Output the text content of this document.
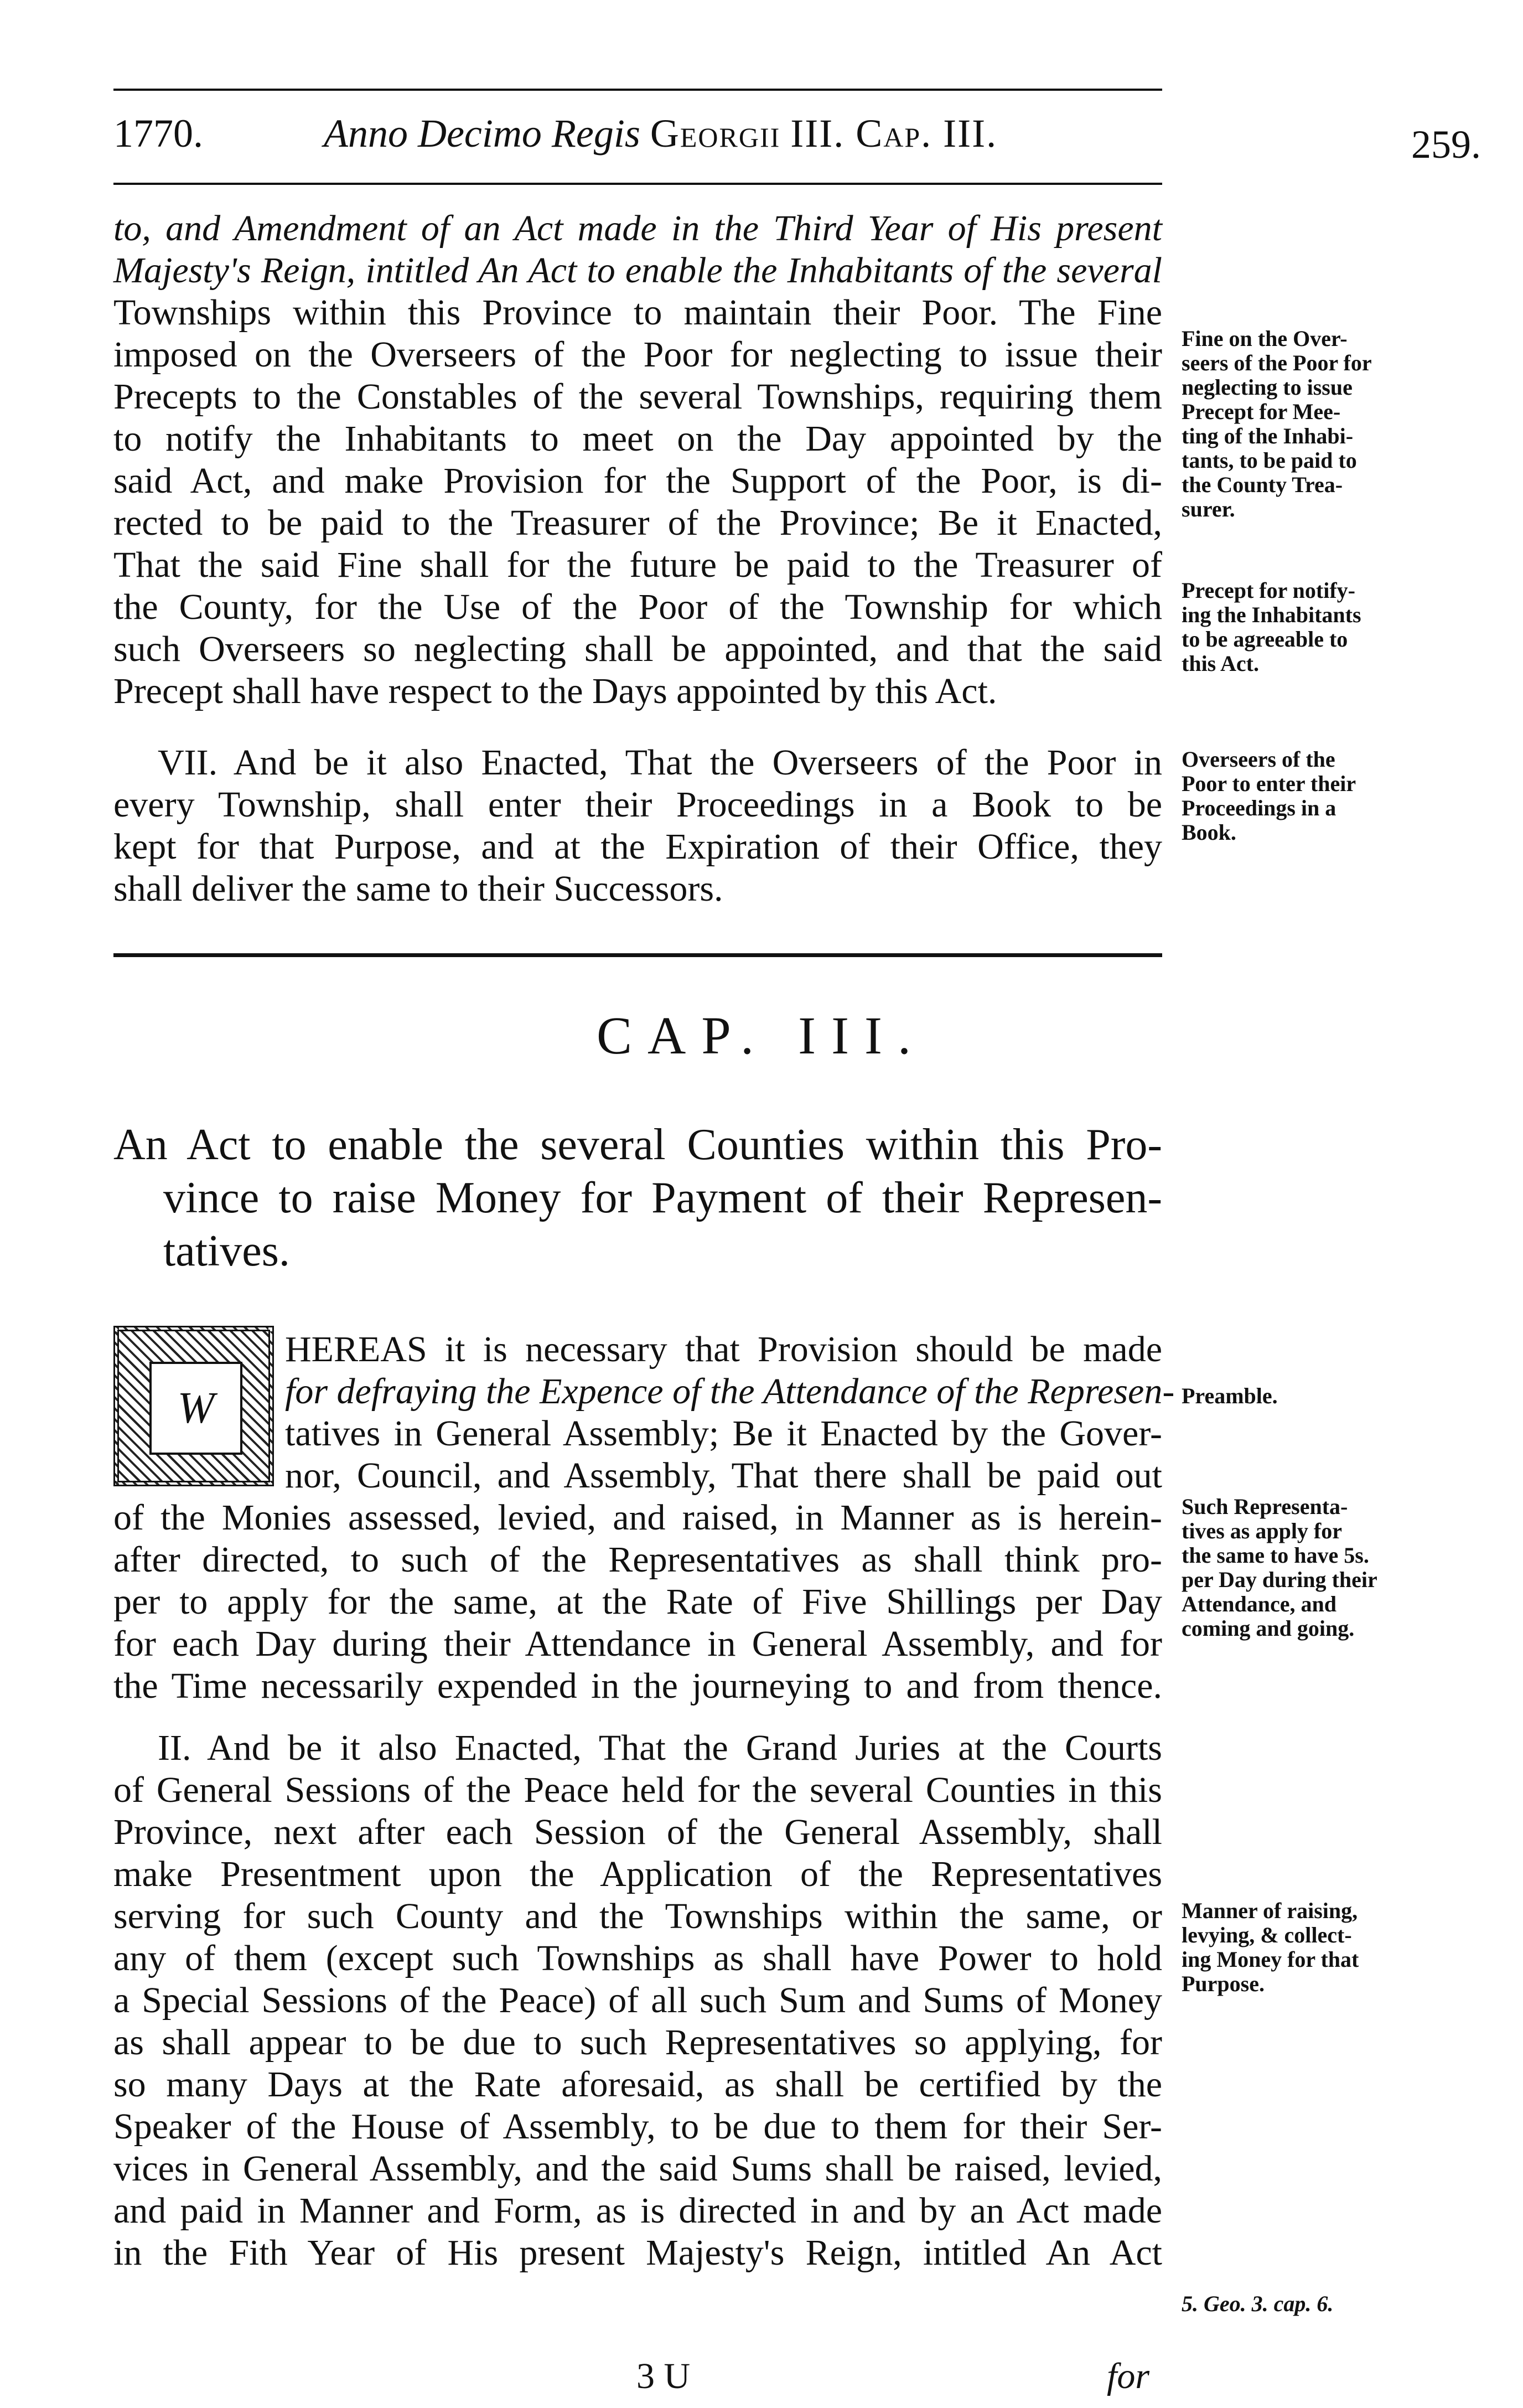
1770.	Anno Decimo Regis Georgii III. Cap. III.	259.
to, and Amendment of an Act made in the Third Year of His present
Majesty's Reign, intitled An Act to enable the Inhabitants of the several
Townships within this Province to maintain their Poor. The Fine
imposed on the Overseers of the Poor for neglecting to issue their
Precepts to the Constables of the several Townships, requiring them
to notify the Inhabitants to meet on the Day appointed by the
said Act, and make Provision for the Support of the Poor, is di-
rected to be paid to the Treasurer of the Province; Be it Enacted,
That the said Fine shall for the future be paid to the Treasurer of
the County, for the Use of the Poor of the Township for which
such Overseers so neglecting shall be appointed, and that the said
Precept shall have respect to the Days appointed by this Act.
VII. And be it also Enacted, That the Overseers of the Poor in
every Township, shall enter their Proceedings in a Book to be
kept for that Purpose, and at the Expiration of their Office, they
shall deliver the same to their Successors.
Fine on the Over-
seers of the Poor for
neglecting to issue
Precept for Mee-
ting of the Inhabi-
tants, to be paid to
the County Trea-
surer.
Precept for notify-
ing the Inhabitants
to be agreeable to
this Act.
Overseers of the
Poor to enter their
Proceedings in a
Book.
CAP. III.
An Act to enable the several Counties within this Pro-
vince to raise Money for Payment of their Represen-
tatives.
W
HEREAS it is necessary that Provision should be made
for defraying the Expence of the Attendance of the Represen-
tatives in General Assembly; Be it Enacted by the Gover-
nor, Council, and Assembly, That there shall be paid out
of the Monies assessed, levied, and raised, in Manner as is herein-
after directed, to such of the Representatives as shall think pro-
per to apply for the same, at the Rate of Five Shillings per Day
for each Day during their Attendance in General Assembly, and for
the Time necessarily expended in the journeying to and from thence.
Preamble.
Such Representa-
tives as apply for
the same to have 5s.
per Day during their
Attendance, and
coming and going.
II. And be it also Enacted, That the Grand Juries at the Courts
of General Sessions of the Peace held for the several Counties in this
Province, next after each Session of the General Assembly, shall
make Presentment upon the Application of the Representatives
serving for such County and the Townships within the same, or
any of them (except such Townships as shall have Power to hold
a Special Sessions of the Peace) of all such Sum and Sums of Money
as shall appear to be due to such Representatives so applying, for
so many Days at the Rate aforesaid, as shall be certified by the
Speaker of the House of Assembly, to be due to them for their Ser-
vices in General Assembly, and the said Sums shall be raised, levied,
and paid in Manner and Form, as is directed in and by an Act made
in the Fith Year of His present Majesty's Reign, intitled An Act
Manner of raising,
levying, & collect-
ing Money for that
Purpose.
5. Geo. 3. cap. 6.
3 U	for
